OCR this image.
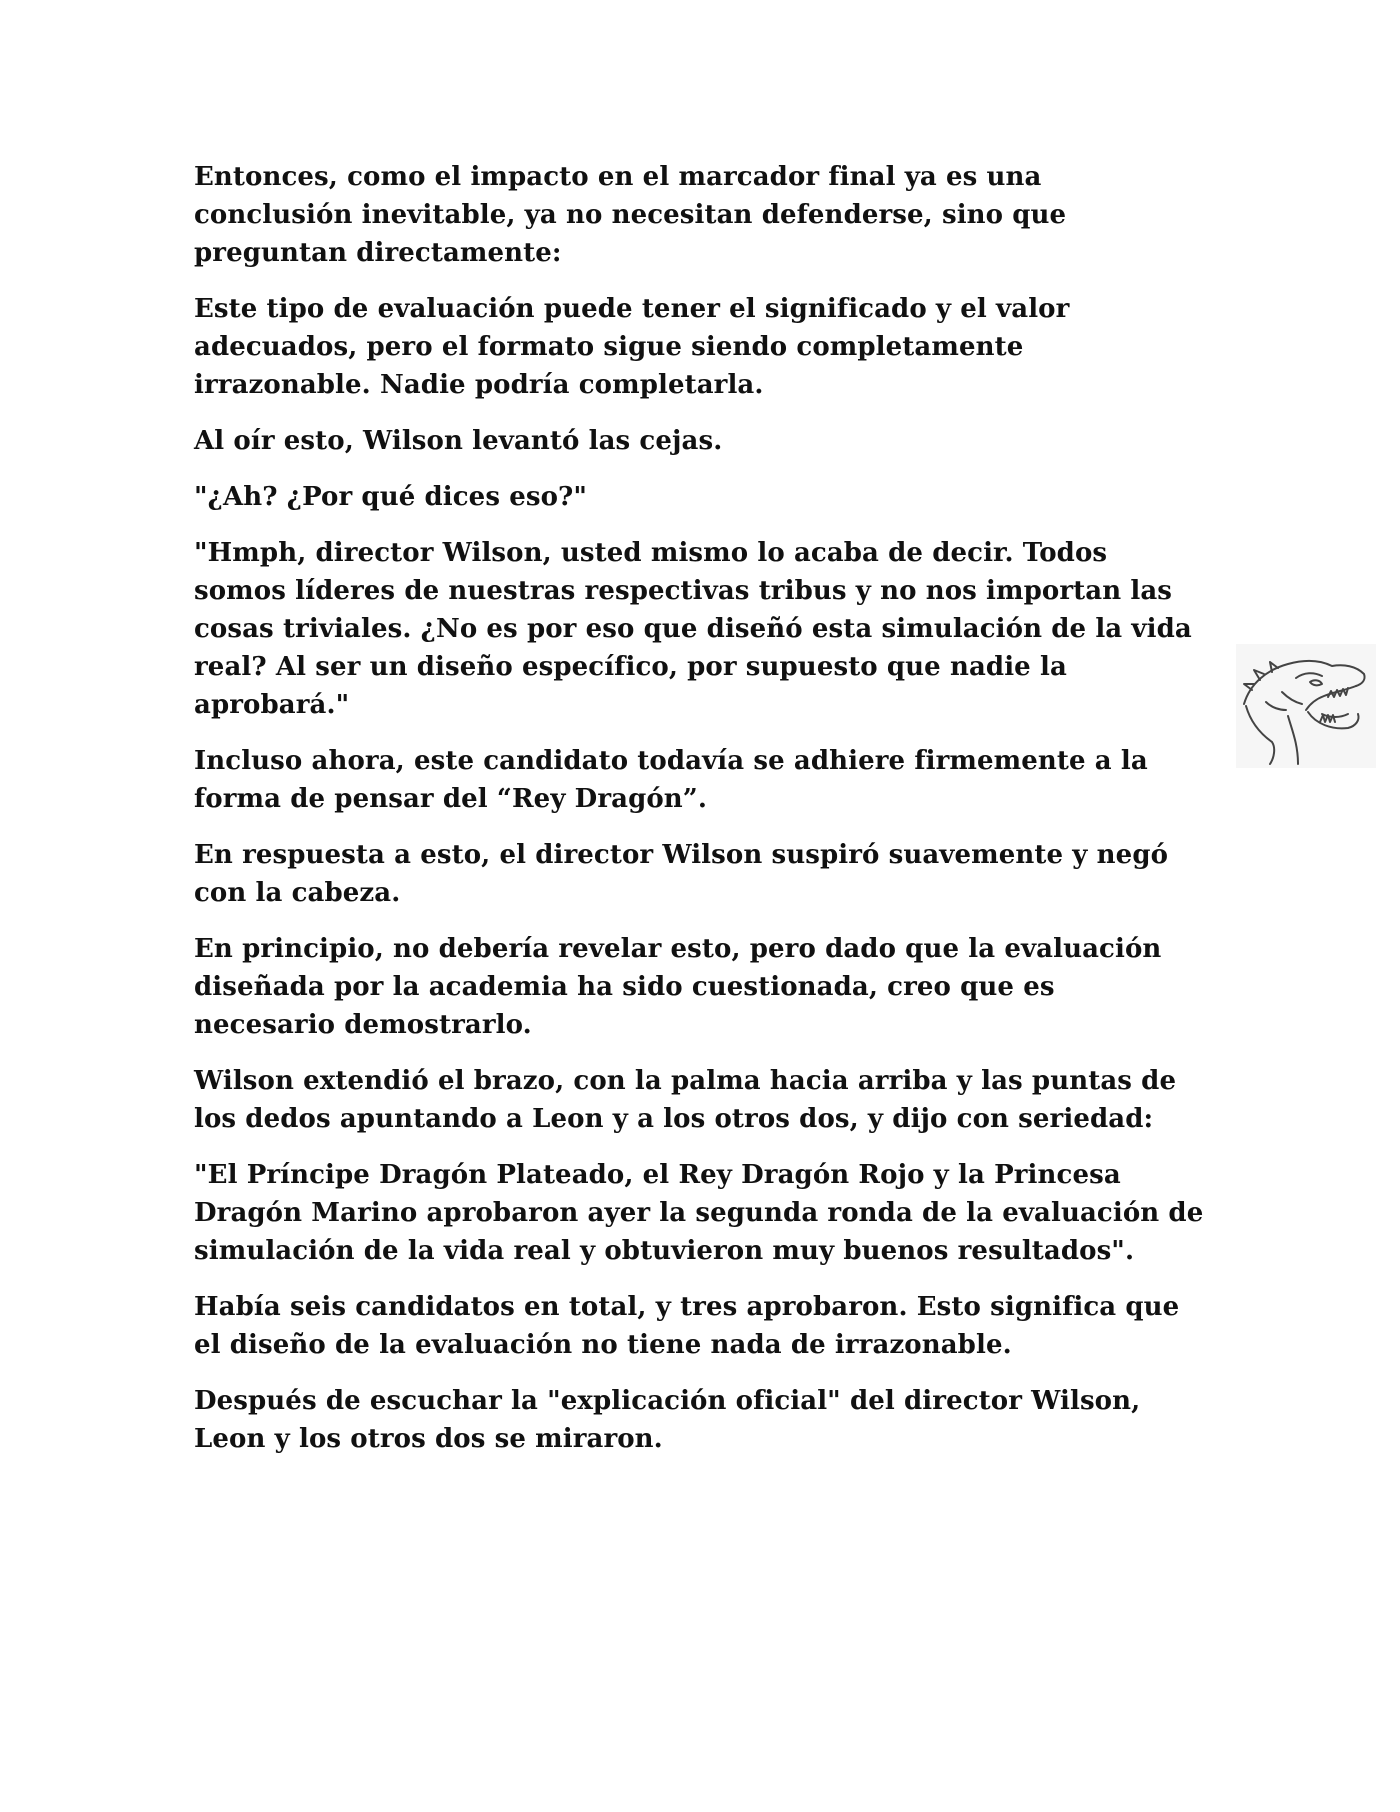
Entonces, como el impacto en el marcador final ya es una conclusión inevitable, ya no necesitan defenderse, sino que preguntan directamente:

Este tipo de evaluación puede tener el significado y el valor adecuados, pero el formato sigue siendo completamente irrazonable. Nadie podría completarla.

Al oír esto, Wilson levantó las cejas.

"¿Ah? ¿Por qué dices eso?"

"Hmph, director Wilson, usted mismo lo acaba de decir. Todos somos líderes de nuestras respectivas tribus y no nos importan las cosas triviales. ¿No es por eso que diseñó esta simulación de la vida real? Al ser un diseño específico, por supuesto que nadie la aprobará."

Incluso ahora, este candidato todavía se adhiere firmemente a la forma de pensar del “Rey Dragón”.

En respuesta a esto, el director Wilson suspiró suavemente y negó con la cabeza.

En principio, no debería revelar esto, pero dado que la evaluación diseñada por la academia ha sido cuestionada, creo que es necesario demostrarlo.

Wilson extendió el brazo, con la palma hacia arriba y las puntas de los dedos apuntando a Leon y a los otros dos, y dijo con seriedad:

"El Príncipe Dragón Plateado, el Rey Dragón Rojo y la Princesa Dragón Marino aprobaron ayer la segunda ronda de la evaluación de simulación de la vida real y obtuvieron muy buenos resultados".

Había seis candidatos en total, y tres aprobaron. Esto significa que el diseño de la evaluación no tiene nada de irrazonable.

Después de escuchar la "explicación oficial" del director Wilson, Leon y los otros dos se miraron.
